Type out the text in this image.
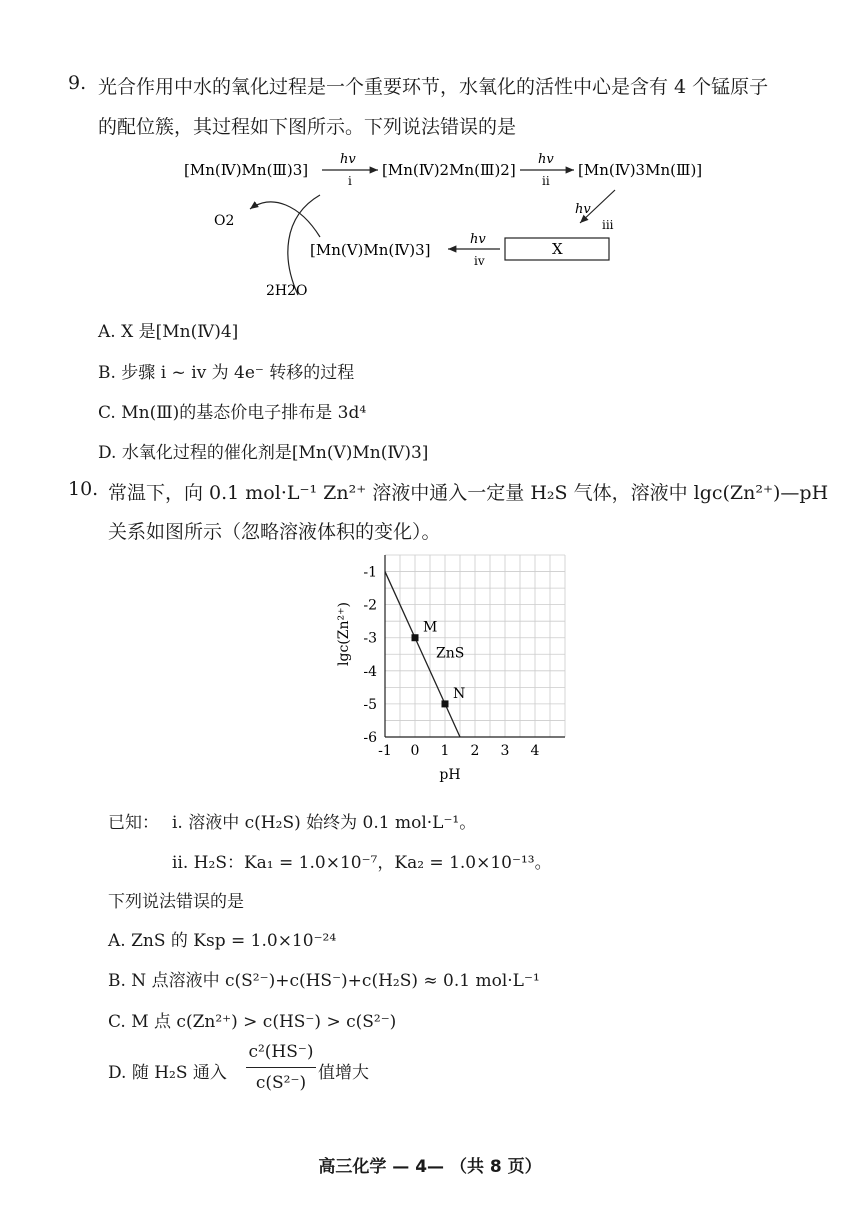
9. 光合作用中水的氧化过程是一个重要环节，水氧化的活性中心是含有 4 个锰原子
的配位簇，其过程如下图所示。下列说法错误的是
[Mn(Ⅳ)Mn(Ⅲ)3]
hv
i
[Mn(Ⅳ)2Mn(Ⅲ)2]
hv
ii
[Mn(Ⅳ)3Mn(Ⅲ)]
hv
iii
X
hv
iv
[Mn(Ⅴ)Mn(Ⅳ)3]
O2
2H2O
A. X 是[Mn(Ⅳ)4]
B. 步骤 ⅰ ~ ⅳ 为 4e⁻ 转移的过程
C. Mn(Ⅲ)的基态价电子排布是 3d⁴
D. 水氧化过程的催化剂是[Mn(Ⅴ)Mn(Ⅳ)3]
10. 常温下，向 0.1 mol·L⁻¹ Zn²⁺ 溶液中通入一定量 H₂S 气体，溶液中 lgc(Zn²⁺)—pH
关系如图所示（忽略溶液体积的变化）。
-1 0 1 2 3 4
-1
-2
-3
-4
-5
-6
M
N
pH
lgc(Zn²⁺)	ZnS
已知： ⅰ. 溶液中 c(H₂S) 始终为 0.1 mol·L⁻¹。
ⅱ. H₂S：Ka₁ = 1.0×10⁻⁷，Ka₂ = 1.0×10⁻¹³。
下列说法错误的是
A. ZnS 的 Ksp = 1.0×10⁻²⁴
B. N 点溶液中 c(S²⁻)+c(HS⁻)+c(H₂S) ≈ 0.1 mol·L⁻¹
C. M 点 c(Zn²⁺) > c(HS⁻) > c(S²⁻)
D. 随 H₂S 通入
c²(HS⁻)
c(S²⁻) 值增大
高三化学 — 4— （共 8 页）
